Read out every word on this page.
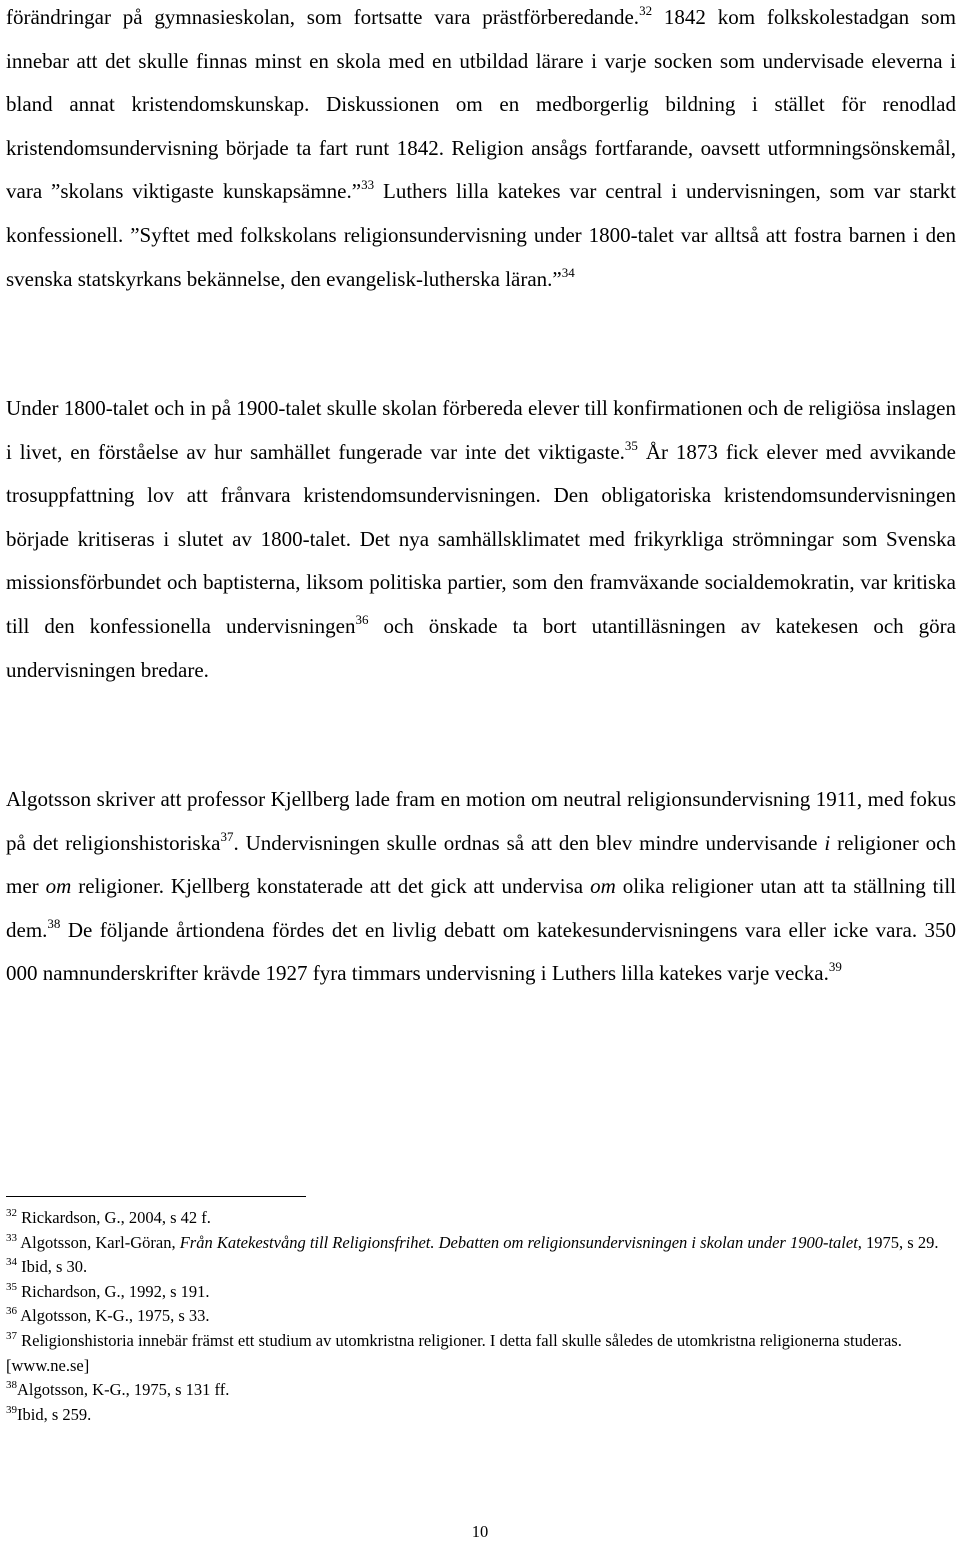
förändringar på gymnasieskolan, som fortsatte vara prästförberedande.$^{32}$ 1842 kom folkskolestadgan som innebar att det skulle finnas minst en skola med en utbildad lärare i varje socken som undervisade eleverna i bland annat kristendomskunskap. Diskussionen om en medborgerlig bildning i stället för renodlad kristendomsundervisning började ta fart runt 1842. Religion ansågs fortfarande, oavsett utformningsönskemål, vara ”skolans viktigaste kunskapsämne.”$^{33}$ Luthers lilla katekes var central i undervisningen, som var starkt konfessionell. ”Syftet med folkskolans religionsundervisning under 1800-talet var alltså att fostra barnen i den svenska statskyrkans bekännelse, den evangelisk-lutherska läran.”$^{34}$

Under 1800-talet och in på 1900-talet skulle skolan förbereda elever till konfirmationen och de religiösa inslagen i livet, en förståelse av hur samhället fungerade var inte det viktigaste.$^{35}$ År 1873 fick elever med avvikande trosuppfattning lov att frånvara kristendomsundervisningen. Den obligatoriska kristendomsundervisningen började kritiseras i slutet av 1800-talet. Det nya samhällsklimatet med frikyrkliga strömningar som Svenska missionsförbundet och baptisterna, liksom politiska partier, som den framväxande socialdemokratin, var kritiska till den konfessionella undervisningen$^{36}$ och önskade ta bort utantilläsningen av katekesen och göra undervisningen bredare.

Algotsson skriver att professor Kjellberg lade fram en motion om neutral religionsundervisning 1911, med fokus på det religionshistoriska$^{37}$. Undervisningen skulle ordnas så att den blev mindre undervisande i religioner och mer om religioner. Kjellberg konstaterade att det gick att undervisa om olika religioner utan att ta ställning till dem.$^{38}$ De följande årtiondena fördes det en livlig debatt om katekesundervisningens vara eller icke vara. 350 000 namnunderskrifter krävde 1927 fyra timmars undervisning i Luthers lilla katekes varje vecka.$^{39}$

$^{32}$ Rickardson, G., 2004, s 42 f.

$^{33}$ Algotsson, Karl-Göran, Från Katekestvång till Religionsfrihet. Debatten om religionsundervisningen i skolan under 1900-talet, 1975, s 29.

$^{34}$ Ibid, s 30.

$^{35}$ Richardson, G., 1992, s 191.

$^{36}$ Algotsson, K-G., 1975, s 33.

$^{37}$ Religionshistoria innebär främst ett studium av utomkristna religioner. I detta fall skulle således de utomkristna religionerna studeras. [www.ne.se]

$^{38}$Algotsson, K-G., 1975, s 131 ff.

$^{39}$Ibid, s 259.

10
